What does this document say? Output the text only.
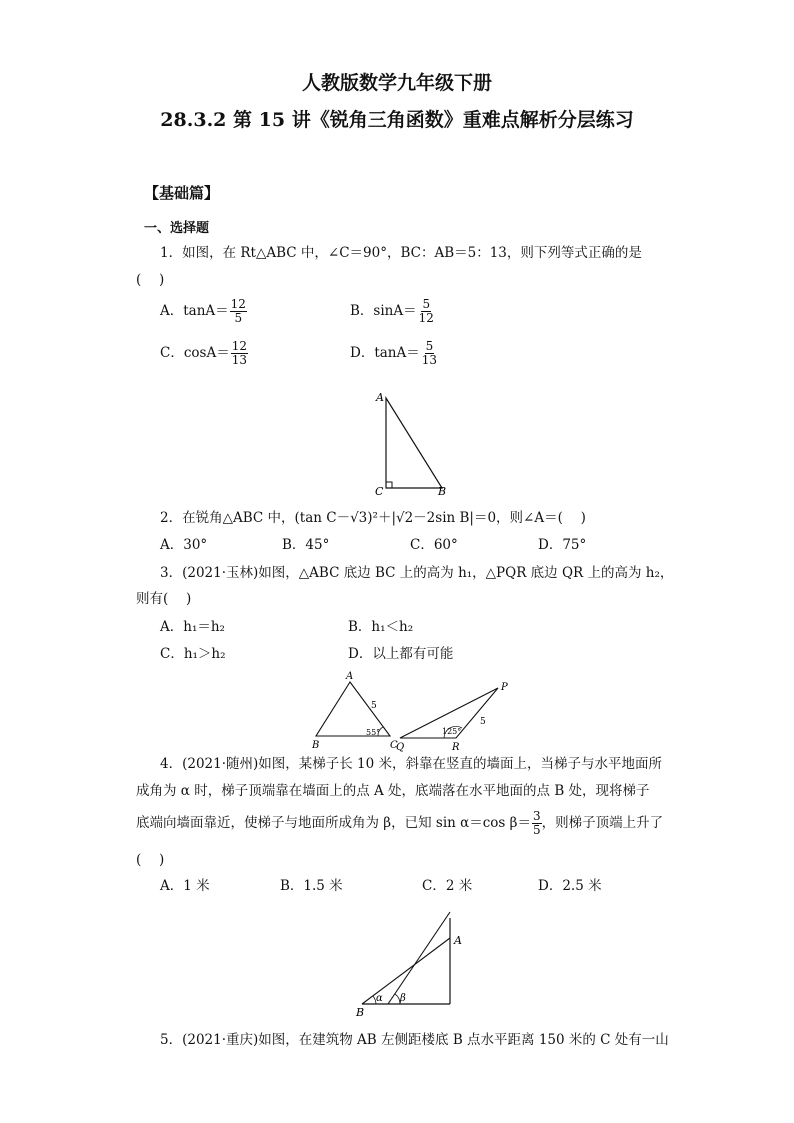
人教版数学九年级下册
28.3.2 第 15 讲《锐角三角函数》重难点解析分层练习
【基础篇】
一、选择题
1．如图，在 Rt△ABC 中，∠C＝90°，BC：AB＝5：13，则下列等式正确的是
(　 )
A．$\tan A= \frac{12}{5}$	B．$\sin A= \frac{5}{12}$
C．$\cos A= \frac{12}{13}$	D．$\tan A= \frac{5}{13}$
A
C	B
2．在锐角△ABC 中，(tan C－√3)²＋|√2－2sin B|＝0，则∠A＝(　 )
A．30°	B．45°	C．60°	D．75°
3．(2021·玉林)如图，△ABC 底边 BC 上的高为 h₁，△PQR 底边 QR 上的高为 h₂，
则有(　 )
A．h₁＝h₂	B．h₁＜h₂
C．h₁＞h₂	D．以上都有可能
A
B	C
5
55°
P
Q	R
5
125°
4．(2021·随州)如图，某梯子长 10 米，斜靠在竖直的墙面上，当梯子与水平地面所
成角为 α 时，梯子顶端靠在墙面上的点 A 处，底端落在水平地面的点 B 处，现将梯子
底端向墙面靠近，使梯子与地面所成角为 β，已知 sin α＝cos $\beta= \frac{3}{5}$ ，则梯子顶端上升了
(　 )
A．1 米	B．1.5 米	C．2 米	D．2.5 米
A
B
α β
5．(2021·重庆)如图，在建筑物 AB 左侧距楼底 B 点水平距离 150 米的 C 处有一山
